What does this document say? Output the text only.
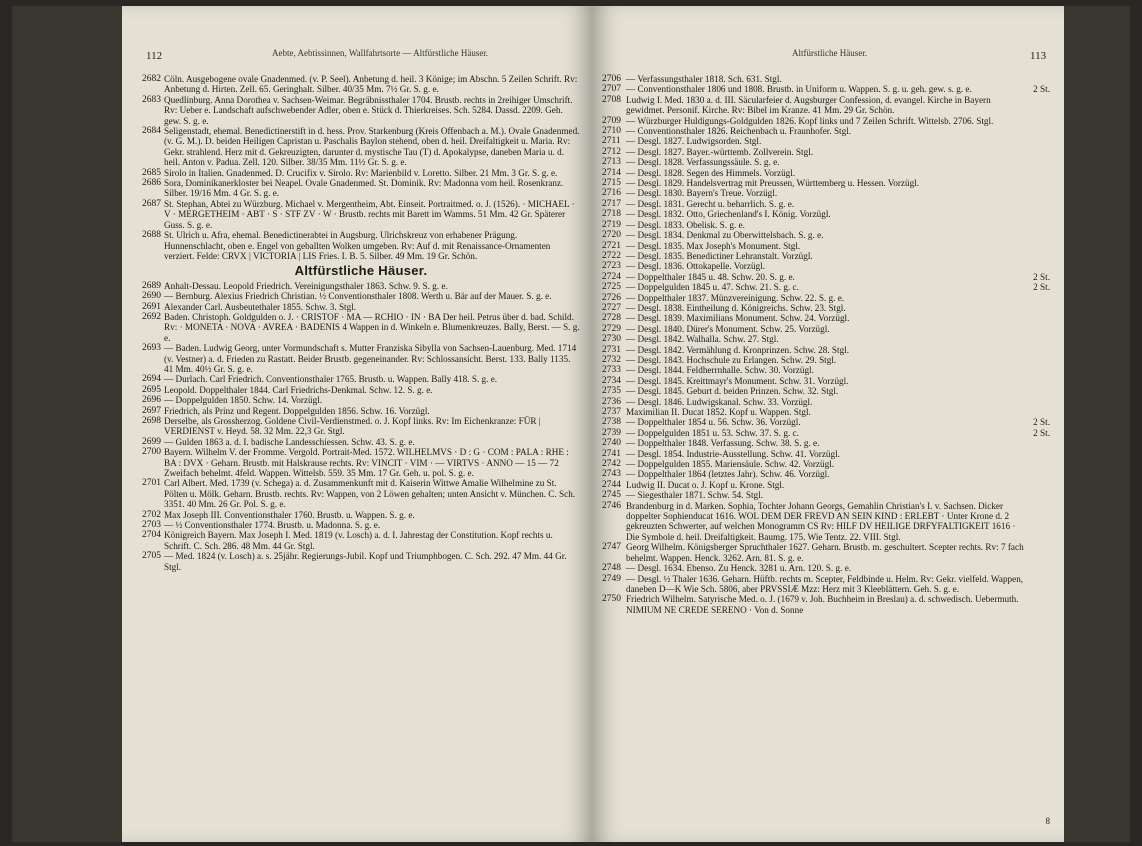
112	Aebte, Aebtissinnen, Wallfahrtsorte — Altfürstliche Häuser.
2682 Cöln. Ausgebogene ovale Gnadenmed. (v. P. Seel). Anbetung d. heil. 3 Könige; im Abschn. 5 Zeilen Schrift. Rv: Anbetung d. Hirten. Zell. 65. Geringhalt. Silber. 40/35 Mm. 7½ Gr. S. g. e.
2683 Quedlinburg. Anna Dorothea v. Sachsen-Weimar. Begräbnissthaler 1704. Brustb. rechts in 2reihiger Umschrift. Rv: Ueber e. Landschaft aufschwebender Adler, oben e. Stück d. Thierkreises. Sch. 5284. Dassd. 2209. Geh. gew. S. g. e.
2684 Seligenstadt, ehemal. Benedictinerstift in d. hess. Prov. Starkenburg (Kreis Offenbach a. M.). Ovale Gnadenmed. (v. G. M.). D. beiden Heiligen Capristan u. Paschalis Baylon stehend, oben d. heil. Dreifaltigkeit u. Maria. Rv: Gekr. strahlend. Herz mit d. Gekreuzigten, darunter d. mystische Tau (T) d. Apokalypse, daneben Maria u. d. heil. Anton v. Padua. Zell. 120. Silber. 38/35 Mm. 11½ Gr. S. g. e.
2685 Sirolo in Italien. Gnadenmed. D. Crucifix v. Sirolo. Rv: Marienbild v. Loretto. Silber. 21 Mm. 3 Gr. S. g. e.
2686 Sora, Dominikanerkloster bei Neapel. Ovale Gnadenmed. St. Dominik. Rv: Madonna vom heil. Rosenkranz. Silber. 19/16 Mm. 4 Gr. S. g. e.
2687 St. Stephan, Abtei zu Würzburg. Michael v. Mergentheim, Abt. Einseit. Portraitmed. o. J. (1526). · MICHAEL · V · MERGETHEIM · ABT · S · STF ZV · W · Brustb. rechts mit Barett im Wamms. 51 Mm. 42 Gr. Späterer Guss. S. g. e.
2688 St. Ulrich u. Afra, ehemal. Benedictinerabtei in Augsburg. Ulrichskreuz von erhabener Prägung. Hunnenschlacht, oben e. Engel von geballten Wolken umgeben. Rv: Auf d. mit Renaissance-Ornamenten verziert. Felde: CRVX | VICTORIA | LIS Fries. I. B. 5. Silber. 49 Mm. 19 Gr. Schön.
Altfürstliche Häuser.
2689 Anhalt-Dessau. Leopold Friedrich. Vereinigungsthaler 1863. Schw. 9. S. g. e.
2690 — Bernburg. Alexius Friedrich Christian. ½ Conventionsthaler 1808. Werth u. Bär auf der Mauer. S. g. e.
2691 Alexander Carl. Ausbeutethaler 1855. Schw. 3. Stgl.
2692 Baden. Christoph. Goldgulden o. J. · CRISTOF · MA — RCHIO · IN · BA Der heil. Petrus über d. bad. Schild. Rv: · MONETA · NOVA · AVREA · BADENIS 4 Wappen in d. Winkeln e. Blumenkreuzes. Bally, Berst. — S. g. e.
2693 — Baden. Ludwig Georg, unter Vormundschaft s. Mutter Franziska Sibylla von Sachsen-Lauenburg. Med. 1714 (v. Vestner) a. d. Frieden zu Rastatt. Beider Brustb. gegeneinander. Rv: Schlossansicht. Berst. 133. Bally 1135. 41 Mm. 40½ Gr. S. g. e.
2694 — Durlach. Carl Friedrich. Conventionsthaler 1765. Brustb. u. Wappen. Bally 418. S. g. e.
2695 Leopold. Doppelthaler 1844. Carl Friedrichs-Denkmal. Schw. 12. S. g. e.
2696 — Doppelgulden 1850. Schw. 14. Vorzügl.
2697 Friedrich, als Prinz und Regent. Doppelgulden 1856. Schw. 16. Vorzügl.
2698 Derselbe, als Grossherzog. Goldene Civil-Verdienstmed. o. J. Kopf links. Rv: Im Eichenkranze: FÜR | VERDIENST v. Heyd. 58. 32 Mm. 22,3 Gr. Stgl.
2699 — Gulden 1863 a. d. I. badische Landesschiessen. Schw. 43. S. g. e.
2700 Bayern. Wilhelm V. der Fromme. Vergold. Portrait-Med. 1572. WILHELMVS · D : G · COM : PALA : RHE : BA : DVX · Geharn. Brustb. mit Halskrause rechts. Rv: VINCIT · VIM · — VIRTVS · ANNO — 15 — 72 Zweifach behelmt. 4feld. Wappen. Wittelsb. 559. 35 Mm. 17 Gr. Geh. u. pol. S. g. e.
2701 Carl Albert. Med. 1739 (v. Schega) a. d. Zusammenkunft mit d. Kaiserin Wittwe Amalie Wilhelmine zu St. Pölten u. Mölk. Geharn. Brustb. rechts. Rv: Wappen, von 2 Löwen gehalten; unten Ansicht v. München. C. Sch. 3351. 40 Mm. 26 Gr. Pol. S. g. e.
2702 Max Joseph III. Conventionsthaler 1760. Brustb. u. Wappen. S. g. e.
2703 — ½ Conventionsthaler 1774. Brustb. u. Madonna. S. g. e.
2704 Königreich Bayern. Max Joseph I. Med. 1819 (v. Losch) a. d. I. Jahrestag der Constitution. Kopf rechts u. Schrift. C. Sch. 286. 48 Mm. 44 Gr. Stgl.
2705 — Med. 1824 (v. Losch) a. s. 25jähr. Regierungs-Jubil. Kopf und Triumphbogen. C. Sch. 292. 47 Mm. 44 Gr. Stgl.
Altfürstliche Häuser.	113
2706 — Verfassungsthaler 1818. Sch. 631. Stgl.
2707 — Conventionsthaler 1806 und 1808. Brustb. in Uniform u. Wappen. S. g. u. geh. gew. s. g. e.	2 St.
2708 Ludwig I. Med. 1830 a. d. III. Säcularfeier d. Augsburger Confession, d. evangel. Kirche in Bayern gewidmet. Personif. Kirche. Rv: Bibel im Kranze. 41 Mm. 29 Gr. Schön.
2709 — Würzburger Huldigungs-Goldgulden 1826. Kopf links und 7 Zeilen Schrift. Wittelsb. 2706. Stgl.
2710 — Conventionsthaler 1826. Reichenbach u. Fraunhofer. Stgl.
2711 — Desgl. 1827. Ludwigsorden. Stgl.
2712 — Desgl. 1827. Bayer.-württemb. Zollverein. Stgl.
2713 — Desgl. 1828. Verfassungssäule. S. g. e.
2714 — Desgl. 1828. Segen des Himmels. Vorzügl.
2715 — Desgl. 1829. Handelsvertrag mit Preussen, Württemberg u. Hessen. Vorzügl.
2716 — Desgl. 1830. Bayern's Treue. Vorzügl.
2717 — Desgl. 1831. Gerecht u. beharrlich. S. g. e.
2718 — Desgl. 1832. Otto, Griechenland's I. König. Vorzügl.
2719 — Desgl. 1833. Obelisk. S. g. e.
2720 — Desgl. 1834. Denkmal zu Oberwittelsbach. S. g. e.
2721 — Desgl. 1835. Max Joseph's Monument. Stgl.
2722 — Desgl. 1835. Benedictiner Lehranstalt. Vorzügl.
2723 — Desgl. 1836. Ottokapelle. Vorzügl.
2724 — Doppelthaler 1845 u. 48. Schw. 20. S. g. e.	2 St.
2725 — Doppelgulden 1845 u. 47. Schw. 21. S. g. c.	2 St.
2726 — Doppelthaler 1837. Münzvereinigung. Schw. 22. S. g. e.
2727 — Desgl. 1838. Eintheilung d. Königreichs. Schw. 23. Stgl.
2728 — Desgl. 1839. Maximilians Monument. Schw. 24. Vorzügl.
2729 — Desgl. 1840. Dürer's Monument. Schw. 25. Vorzügl.
2730 — Desgl. 1842. Walhalla. Schw. 27. Stgl.
2731 — Desgl. 1842. Vermählung d. Kronprinzen. Schw. 28. Stgl.
2732 — Desgl. 1843. Hochschule zu Erlangen. Schw. 29. Stgl.
2733 — Desgl. 1844. Feldherrnhalle. Schw. 30. Vorzügl.
2734 — Desgl. 1845. Kreittmayr's Monument. Schw. 31. Vorzügl.
2735 — Desgl. 1845. Geburt d. beiden Prinzen. Schw. 32. Stgl.
2736 — Desgl. 1846. Ludwigskanal. Schw. 33. Vorzügl.
2737 Maximilian II. Ducat 1852. Kopf u. Wappen. Stgl.
2738 — Doppelthaler 1854 u. 56. Schw. 36. Vorzügl.	2 St.
2739 — Doppelgulden 1851 u. 53. Schw. 37. S. g. c.	2 St.
2740 — Doppelthaler 1848. Verfassung. Schw. 38. S. g. e.
2741 — Desgl. 1854. Industrie-Ausstellung. Schw. 41. Vorzügl.
2742 — Doppelgulden 1855. Mariensäule. Schw. 42. Vorzügl.
2743 — Doppelthaler 1864 (letztes Jahr). Schw. 46. Vorzügl.
2744 Ludwig II. Ducat o. J. Kopf u. Krone. Stgl.
2745 — Siegesthaler 1871. Schw. 54. Stgl.
2746 Brandenburg in d. Marken. Sophia, Tochter Johann Georgs, Gemahlin Christian's I. v. Sachsen. Dicker doppelter Sophienducat 1616. WOL DEM DER FREVD AN SEIN KIND : ERLEBT · Unter Krone d. 2 gekreuzten Schwerter, auf welchen Monogramm CS Rv: HILF DV HEILIGE DRFYFALTIGKEIT 1616 · Die Symbole d. heil. Dreifaltigkeit. Baumg. 175. Wie Tentz. 22. VIII. Stgl.
2747 Georg Wilhelm. Königsberger Spruchthaler 1627. Geharn. Brustb. m. geschultert. Scepter rechts. Rv: 7 fach behelmt. Wappen. Henck. 3262. Arn. 81. S. g. e.
2748 — Desgl. 1634. Ebenso. Zu Henck. 3281 u. Arn. 120. S. g. e.
2749 — Desgl. ½ Thaler 1636. Geharn. Hüftb. rechts m. Scepter, Feldbinde u. Helm. Rv: Gekr. vielfeld. Wappen, daneben D—K Wie Sch. 5806, aber PRVSSIÆ Mzz: Herz mit 3 Kleeblättern. Geh. S. g. e.
2750 Friedrich Wilhelm. Satyrische Med. o. J. (1679 v. Joh. Buchheim in Breslau) a. d. schwedisch. Uebermuth. NIMIUM NE CREDE SERENO · Von d. Sonne
8
